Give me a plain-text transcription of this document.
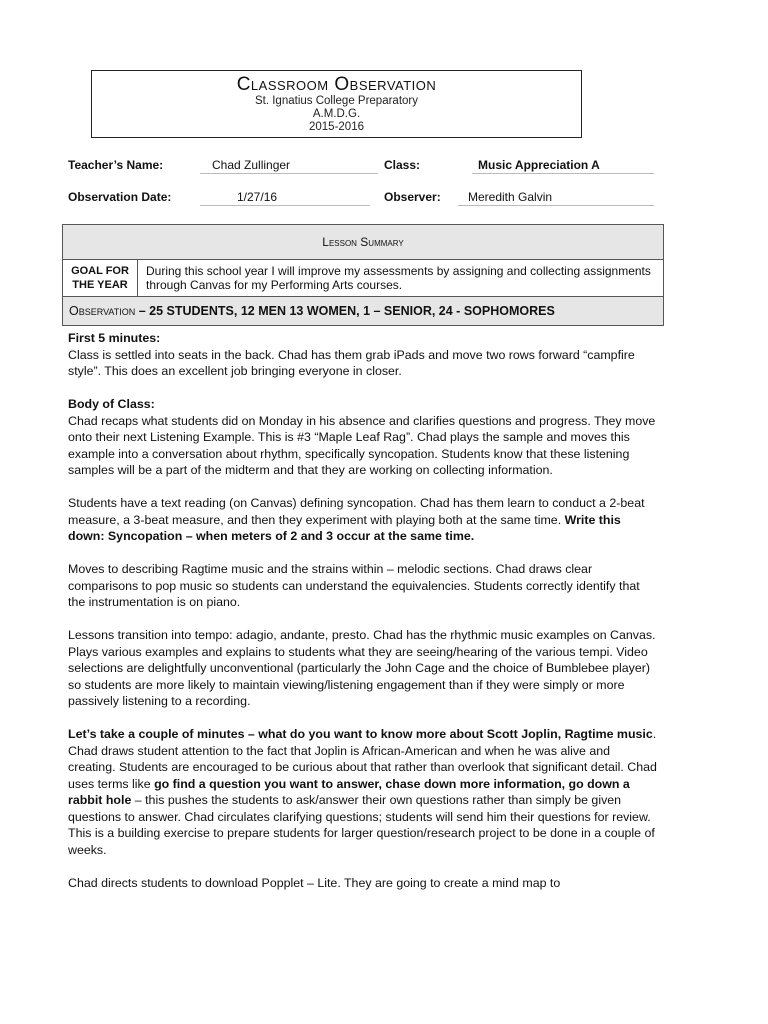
Classroom Observation
St. Ignatius College Preparatory
A.M.D.G.
2015-2016
Teacher’s Name:	Chad Zullinger	Class:	Music Appreciation A
Observation Date:	1/27/16	Observer:	Meredith Galvin
Lesson Summary

GOAL FOR
THE YEAR
	During this school year I will improve my assessments by assigning and collecting assignments through Canvas for my Performing Arts courses.
Observation – 25 STUDENTS, 12 MEN 13 WOMEN, 1 – SENIOR, 24 - SOPHOMORES
First 5 minutes:

Class is settled into seats in the back. Chad has them grab iPads and move two rows forward “campfire style”. This does an excellent job bringing everyone in closer.

Body of Class:

Chad recaps what students did on Monday in his absence and clarifies questions and progress. They move onto their next Listening Example. This is #3 “Maple Leaf Rag”. Chad plays the sample and moves this example into a conversation about rhythm, specifically syncopation. Students know that these listening samples will be a part of the midterm and that they are working on collecting information.

Students have a text reading (on Canvas) defining syncopation. Chad has them learn to conduct a 2-beat measure, a 3-beat measure, and then they experiment with playing both at the same time. Write this down: Syncopation – when meters of 2 and 3 occur at the same time.

Moves to describing Ragtime music and the strains within – melodic sections. Chad draws clear comparisons to pop music so students can understand the equivalencies. Students correctly identify that the instrumentation is on piano.

Lessons transition into tempo: adagio, andante, presto. Chad has the rhythmic music examples on Canvas. Plays various examples and explains to students what they are seeing/hearing of the various tempi. Video selections are delightfully unconventional (particularly the John Cage and the choice of Bumblebee player) so students are more likely to maintain viewing/listening engagement than if they were simply or more passively listening to a recording.

Let’s take a couple of minutes – what do you want to know more about Scott Joplin, Ragtime music. Chad draws student attention to the fact that Joplin is African-American and when he was alive and creating. Students are encouraged to be curious about that rather than overlook that significant detail. Chad uses terms like go find a question you want to answer, chase down more information, go down a rabbit hole – this pushes the students to ask/answer their own questions rather than simply be given questions to answer. Chad circulates clarifying questions; students will send him their questions for review. This is a building exercise to prepare students for larger question/research project to be done in a couple of weeks.

Chad directs students to download Popplet – Lite. They are going to create a mind map to
